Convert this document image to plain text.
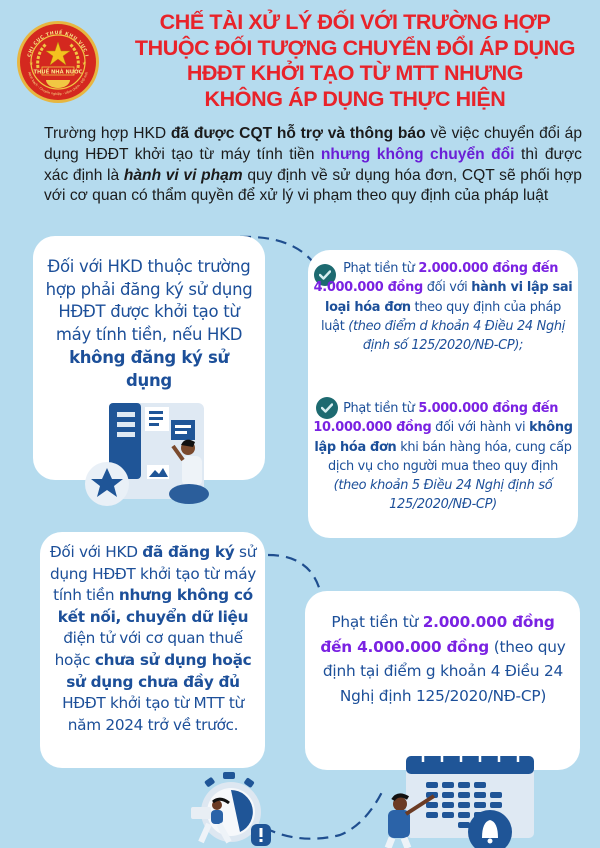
THUẾ NHÀ NƯỚC
CHI CỤC THUẾ KHU VỰC I
Minh bạch - Chuyên nghiệp - Liêm chính - Đổi mới
★	★
CHẾ TÀI XỬ LÝ ĐỐI VỚI TRƯỜNG HỢP
THUỘC ĐỐI TƯỢNG CHUYỂN ĐỔI ÁP DỤNG
HĐĐT KHỞI TẠO TỪ MTT NHƯNG
KHÔNG ÁP DỤNG THỰC HIỆN
Trường hợp HKD đã được CQT hỗ trợ và thông báo về việc chuyển đổi áp dụng HĐĐT khởi tạo từ máy tính tiền nhưng không chuyển đổi thì được xác định là hành vi vi phạm quy định về sử dụng hóa đơn, CQT sẽ phối hợp với cơ quan có thẩm quyền để xử lý vi phạm theo quy định của pháp luật
Đối với HKD thuộc trường hợp phải đăng ký sử dụng HĐĐT được khởi tạo từ máy tính tiền, nếu HKD không đăng ký sử dụng
Phạt tiền từ 2.000.000 đồng đến 4.000.000 đồng đối với hành vi lập sai loại hóa đơn theo quy định của pháp luật (theo điểm d khoản 4 Điều 24 Nghị định số 125/2020/NĐ-CP);
Phạt tiền từ 5.000.000 đồng đến 10.000.000 đồng đối với hành vi không lập hóa đơn khi bán hàng hóa, cung cấp dịch vụ cho người mua theo quy định (theo khoản 5 Điều 24 Nghị định số 125/2020/NĐ-CP)
Đối với HKD đã đăng ký sử dụng HĐĐT khởi tạo từ máy tính tiền nhưng không có kết nối, chuyển dữ liệu điện tử với cơ quan thuế hoặc chưa sử dụng hoặc sử dụng chưa đầy đủ HĐĐT khởi tạo từ MTT từ năm 2024 trở về trước.
Phạt tiền từ 2.000.000 đồng đến 4.000.000 đồng (theo quy định tại điểm g khoản 4 Điều 24 Nghị định 125/2020/NĐ-CP)
